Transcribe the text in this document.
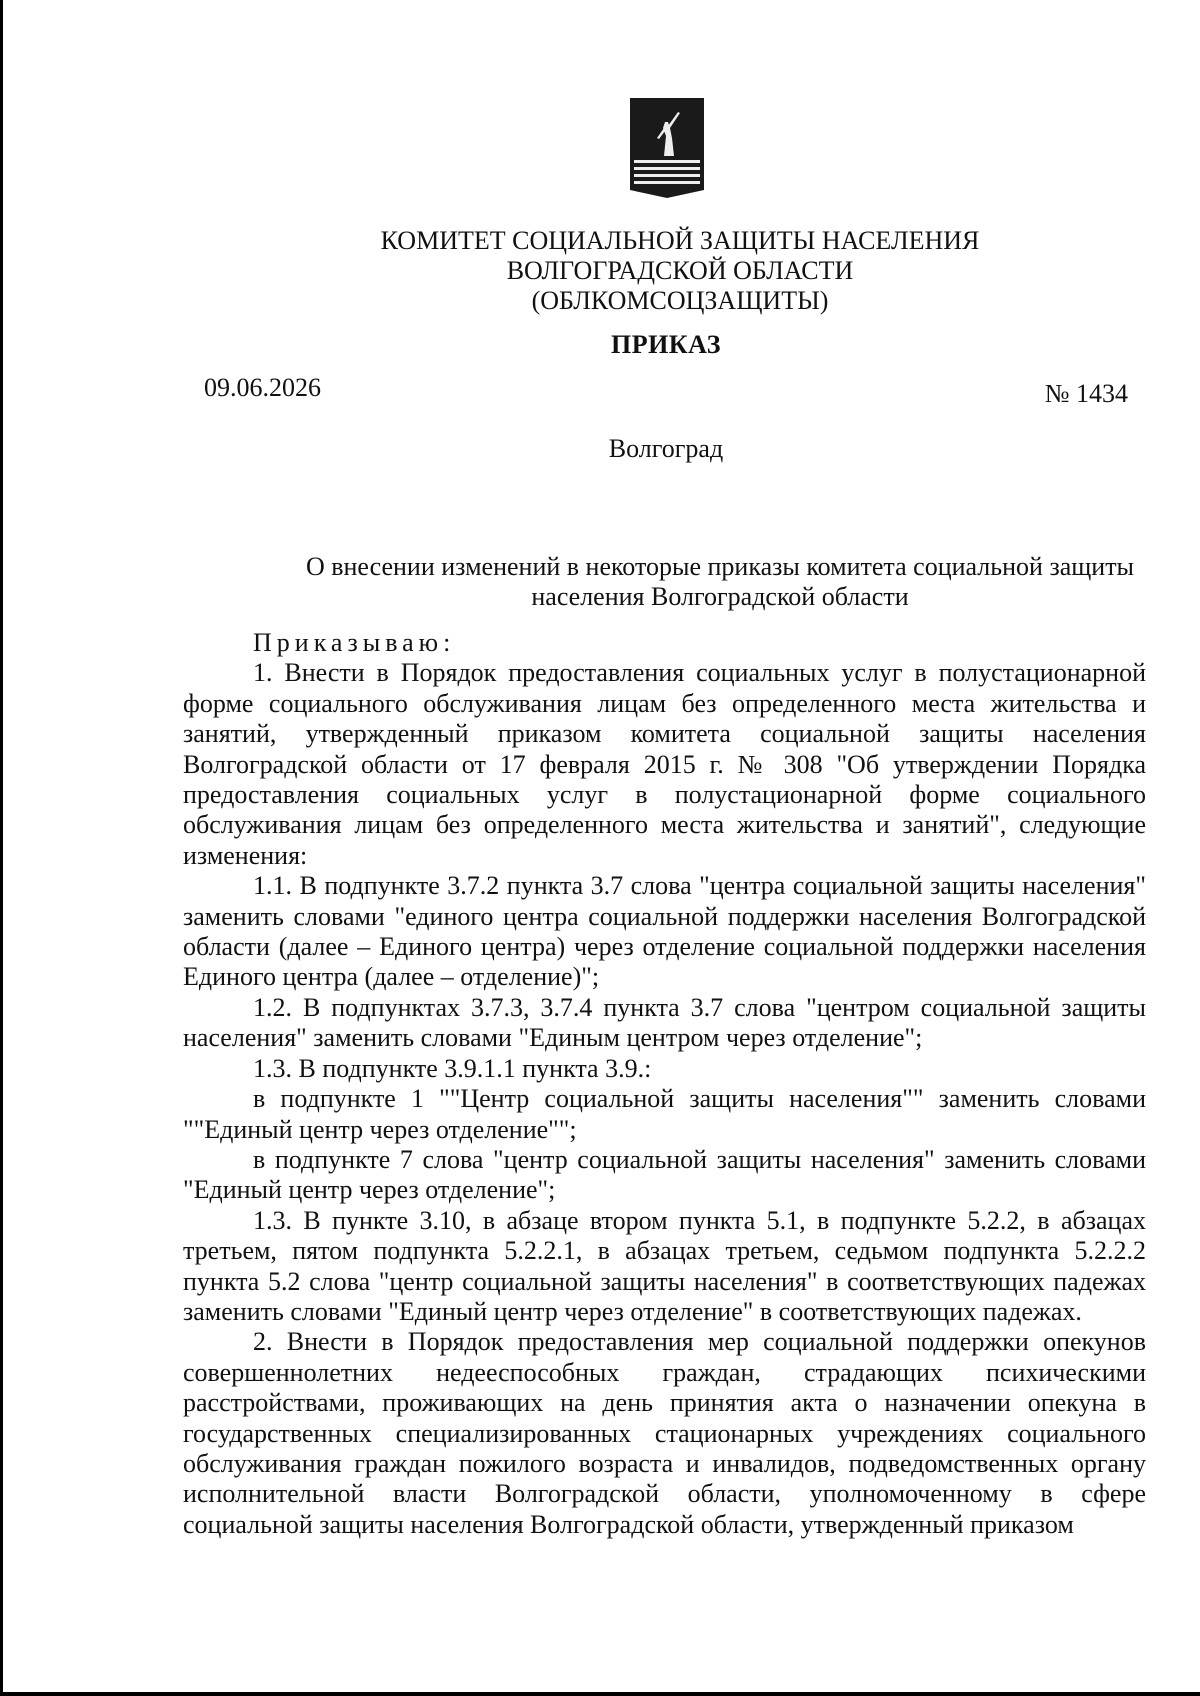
КОМИТЕТ СОЦИАЛЬНОЙ ЗАЩИТЫ НАСЕЛЕНИЯ
ВОЛГОГРАДСКОЙ ОБЛАСТИ
(ОБЛКОМСОЦЗАЩИТЫ)
ПРИКАЗ
09.06.2026	№ 1434
Волгоград
О внесении изменений в некоторые приказы комитета социальной защиты
населения Волгоградской области

Приказываю:

1. Внести в Порядок предоставления социальных услуг в полустационарной форме социального обслуживания лицам без определенного места жительства и занятий, утвержденный приказом комитета социальной защиты населения Волгоградской области от 17 февраля 2015 г. № 308 "Об утверждении Порядка предоставления социальных услуг в полустационарной форме социального обслуживания лицам без определенного места жительства и занятий", следующие изменения:

1.1. В подпункте 3.7.2 пункта 3.7 слова "центра социальной защиты населения" заменить словами "единого центра социальной поддержки населения Волгоградской области (далее – Единого центра) через отделение социальной поддержки населения Единого центра (далее – отделение)";

1.2. В подпунктах 3.7.3, 3.7.4 пункта 3.7 слова "центром социальной защиты населения" заменить словами "Единым центром через отделение";

1.3. В подпункте 3.9.1.1 пункта 3.9.:

в подпункте 1 ""Центр социальной защиты населения"" заменить словами ""Единый центр через отделение"";

в подпункте 7 слова "центр социальной защиты населения" заменить словами "Единый центр через отделение";

1.3. В пункте 3.10, в абзаце втором пункта 5.1, в подпункте 5.2.2, в абзацах третьем, пятом подпункта 5.2.2.1, в абзацах третьем, седьмом подпункта 5.2.2.2 пункта 5.2 слова "центр социальной защиты населения" в соответствующих падежах заменить словами "Единый центр через отделение" в соответствующих падежах.

2. Внести в Порядок предоставления мер социальной поддержки опекунов совершеннолетних недееспособных граждан, страдающих психическими расстройствами, проживающих на день принятия акта о назначении опекуна в государственных специализированных стационарных учреждениях социального обслуживания граждан пожилого возраста и инвалидов, подведомственных органу исполнительной власти Волгоградской области, уполномоченному в сфере социальной защиты населения Волгоградской области, утвержденный приказом
